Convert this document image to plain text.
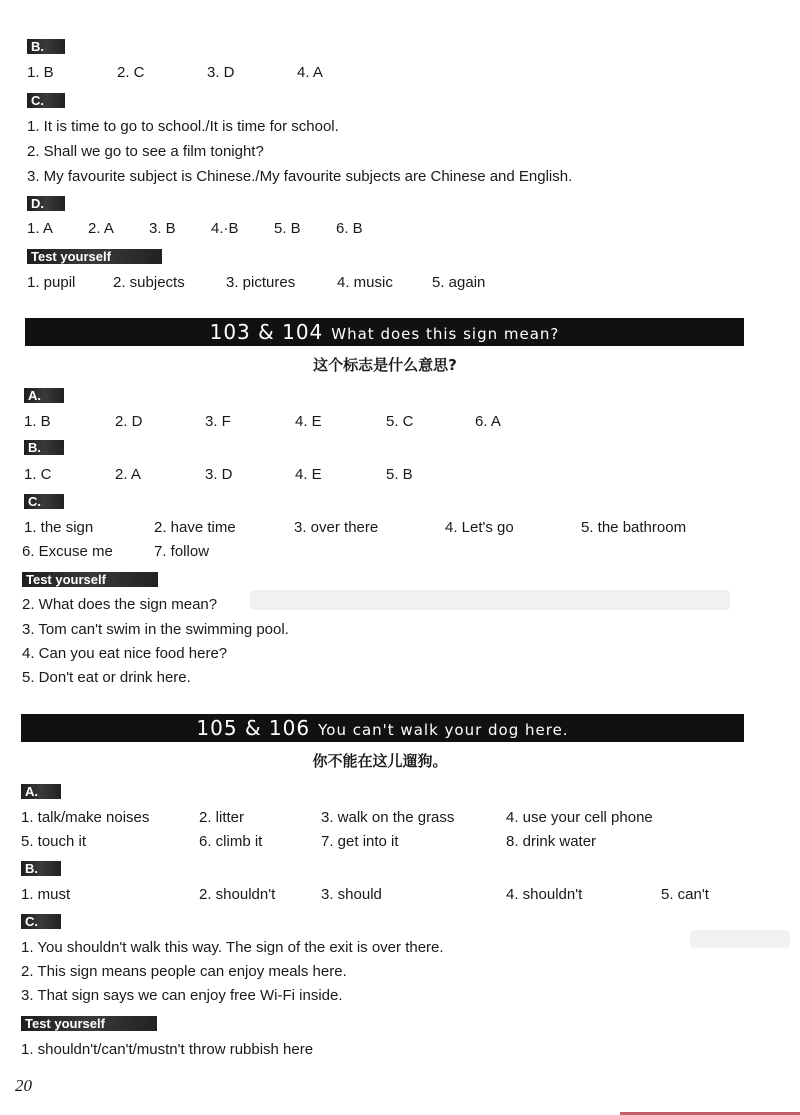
B.
1. B	2. C	3. D	4. A
C.
1. It is time to go to school./It is time for school.
2. Shall we go to see a film tonight?
3. My favourite subject is Chinese./My favourite subjects are Chinese and English.
D.
1. A 2. A 3. B 4.·B 5. B 6. B
Test yourself
1. pupil	2. subjects	3. pictures	4. music	5. again
103 & 104 What does this sign mean?
这个标志是什么意思?
A.
1. B	2. D	3. F	4. E	5. C	6. A
B.
1. C	2. A	3. D	4. E	5. B
C.
1. the sign	2. have time	3. over there	4. Let's go	5. the bathroom
6. Excuse me	7. follow
Test yourself
2. What does the sign mean?
3. Tom can't swim in the swimming pool.
4. Can you eat nice food here?
5. Don't eat or drink here.
105 & 106 You can't walk your dog here.
你不能在这儿遛狗。
A.
1. talk/make noises	2. litter	3. walk on the grass	4. use your cell phone
5. touch it	6. climb it	7. get into it	8. drink water
B.
1. must	2. shouldn't	3. should	4. shouldn't	5. can't
C.
1. You shouldn't walk this way. The sign of the exit is over there.
2. This sign means people can enjoy meals here.
3. That sign says we can enjoy free Wi-Fi inside.
Test yourself
1. shouldn't/can't/mustn't throw rubbish here
20
